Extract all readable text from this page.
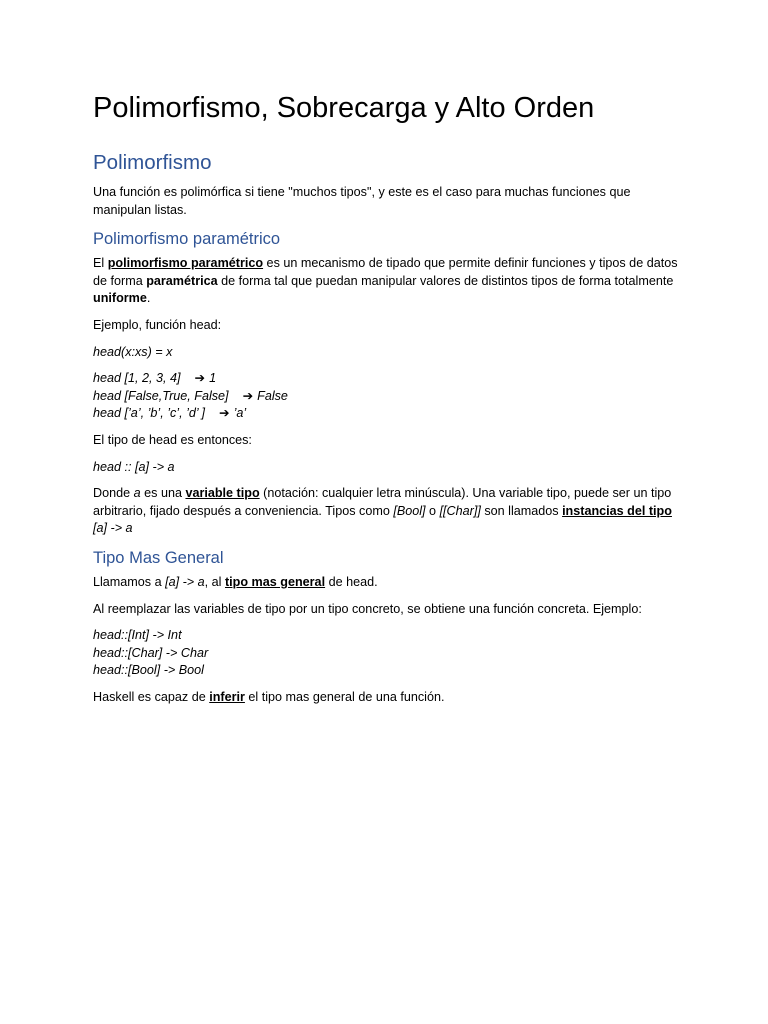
Polimorfismo, Sobrecarga y Alto Orden
Polimorfismo

Una función es polimórfica si tiene "muchos tipos", y este es el caso para muchas funciones que manipulan listas.

Polimorfismo paramétrico

El polimorfismo paramétrico es un mecanismo de tipado que permite definir funciones y tipos de datos de forma paramétrica de forma tal que puedan manipular valores de distintos tipos de forma totalmente uniforme.

Ejemplo, función head:

head(x:xs) = x

head [1, 2, 3, 4] ➔ 1
head [False,True, False] ➔ False
head [’a’, ’b’, ’c’, ’d’ ] ➔ ’a’

El tipo de head es entonces:

head :: [a] -> a

Donde a es una variable tipo (notación: cualquier letra minúscula). Una variable tipo, puede ser un tipo arbitrario, fijado después a conveniencia. Tipos como [Bool] o [[Char]] son llamados instancias del tipo [a] -> a

Tipo Mas General

Llamamos a [a] -> a, al tipo mas general de head.

Al reemplazar las variables de tipo por un tipo concreto, se obtiene una función concreta. Ejemplo:

head::[Int] -> Int
head::[Char] -> Char
head::[Bool] -> Bool

Haskell es capaz de inferir el tipo mas general de una función.
